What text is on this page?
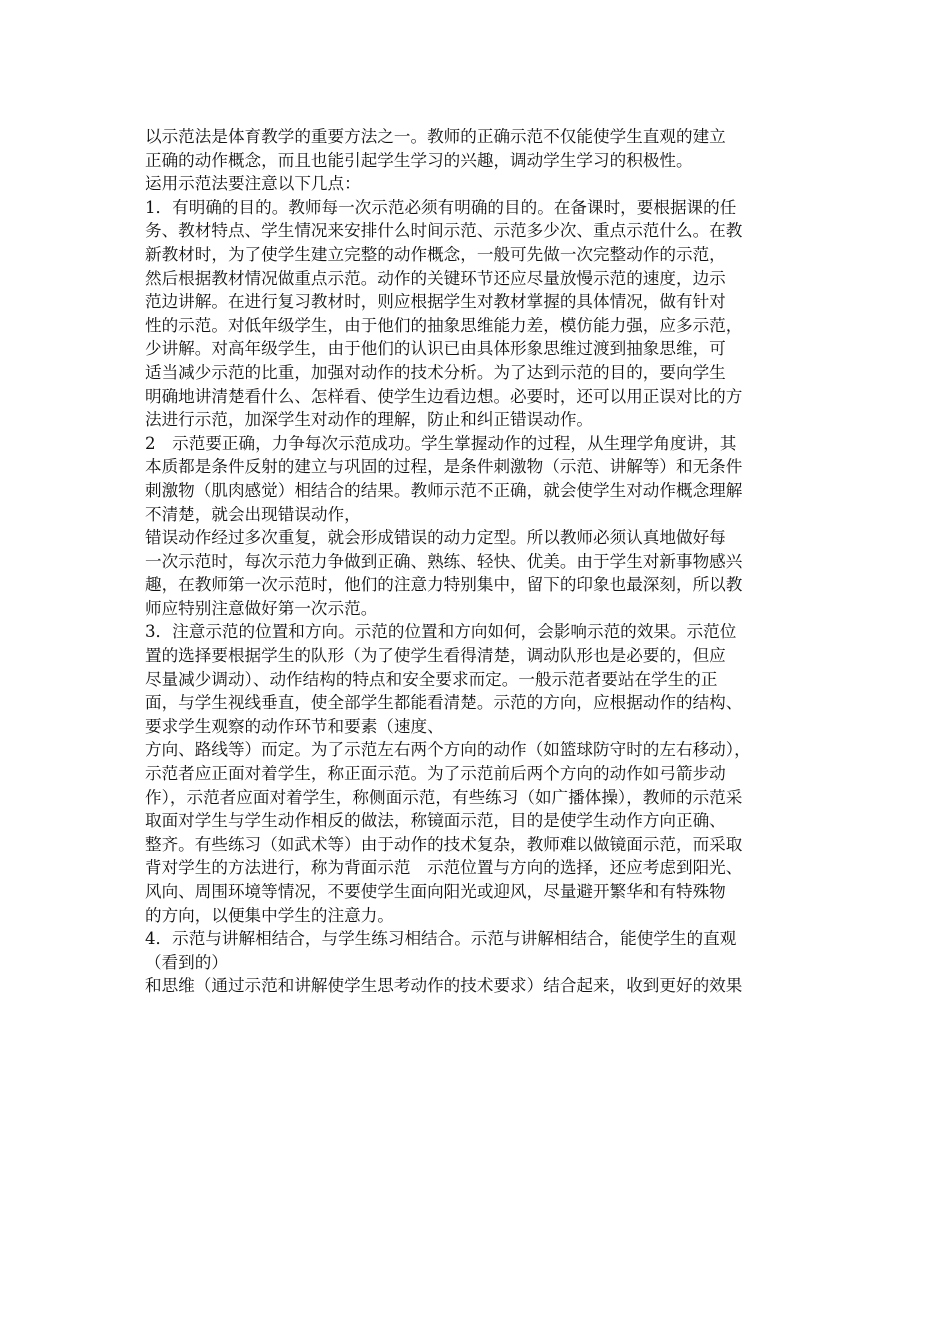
以示范法是体育教学的重要方法之一。教师的正确示范不仅能使学生直观的建立
正确的动作概念，而且也能引起学生学习的兴趣，调动学生学习的积极性。
运用示范法要注意以下几点：
1．有明确的目的。教师每一次示范必须有明确的目的。在备课时，要根据课的任
务、教材特点、学生情况来安排什么时间示范、示范多少次、重点示范什么。在教
新教材时，为了使学生建立完整的动作概念，一般可先做一次完整动作的示范，
然后根据教材情况做重点示范。动作的关键环节还应尽量放慢示范的速度，边示
范边讲解。在进行复习教材时，则应根据学生对教材掌握的具体情况，做有针对
性的示范。对低年级学生，由于他们的抽象思维能力差，模仿能力强，应多示范，
少讲解。对高年级学生，由于他们的认识已由具体形象思维过渡到抽象思维，可
适当减少示范的比重，加强对动作的技术分析。为了达到示范的目的，要向学生
明确地讲清楚看什么、怎样看、使学生边看边想。必要时，还可以用正误对比的方
法进行示范，加深学生对动作的理解，防止和纠正错误动作。
2　示范要正确，力争每次示范成功。学生掌握动作的过程，从生理学角度讲，其
本质都是条件反射的建立与巩固的过程，是条件刺激物（示范、讲解等）和无条件
刺激物（肌肉感觉）相结合的结果。教师示范不正确，就会使学生对动作概念理解
不清楚，就会出现错误动作，
错误动作经过多次重复，就会形成错误的动力定型。所以教师必须认真地做好每
一次示范时，每次示范力争做到正确、熟练、轻快、优美。由于学生对新事物感兴
趣，在教师第一次示范时，他们的注意力特别集中，留下的印象也最深刻，所以教
师应特别注意做好第一次示范。
3．注意示范的位置和方向。示范的位置和方向如何，会影响示范的效果。示范位
置的选择要根据学生的队形（为了使学生看得清楚，调动队形也是必要的，但应
尽量减少调动）、动作结构的特点和安全要求而定。一般示范者要站在学生的正
面，与学生视线垂直，使全部学生都能看清楚。示范的方向，应根据动作的结构、
要求学生观察的动作环节和要素（速度、
方向、路线等）而定。为了示范左右两个方向的动作（如篮球防守时的左右移动），
示范者应正面对着学生，称正面示范。为了示范前后两个方向的动作如弓箭步动
作），示范者应面对着学生，称侧面示范，有些练习（如广播体操），教师的示范采
取面对学生与学生动作相反的做法，称镜面示范，目的是使学生动作方向正确、
整齐。有些练习（如武术等）由于动作的技术复杂，教师难以做镜面示范，而采取
背对学生的方法进行，称为背面示范　示范位置与方向的选择，还应考虑到阳光、
风向、周围环境等情况，不要使学生面向阳光或迎风，尽量避开繁华和有特殊物
的方向，以便集中学生的注意力。
4．示范与讲解相结合，与学生练习相结合。示范与讲解相结合，能使学生的直观
（看到的）
和思维（通过示范和讲解使学生思考动作的技术要求）结合起来，收到更好的效果
